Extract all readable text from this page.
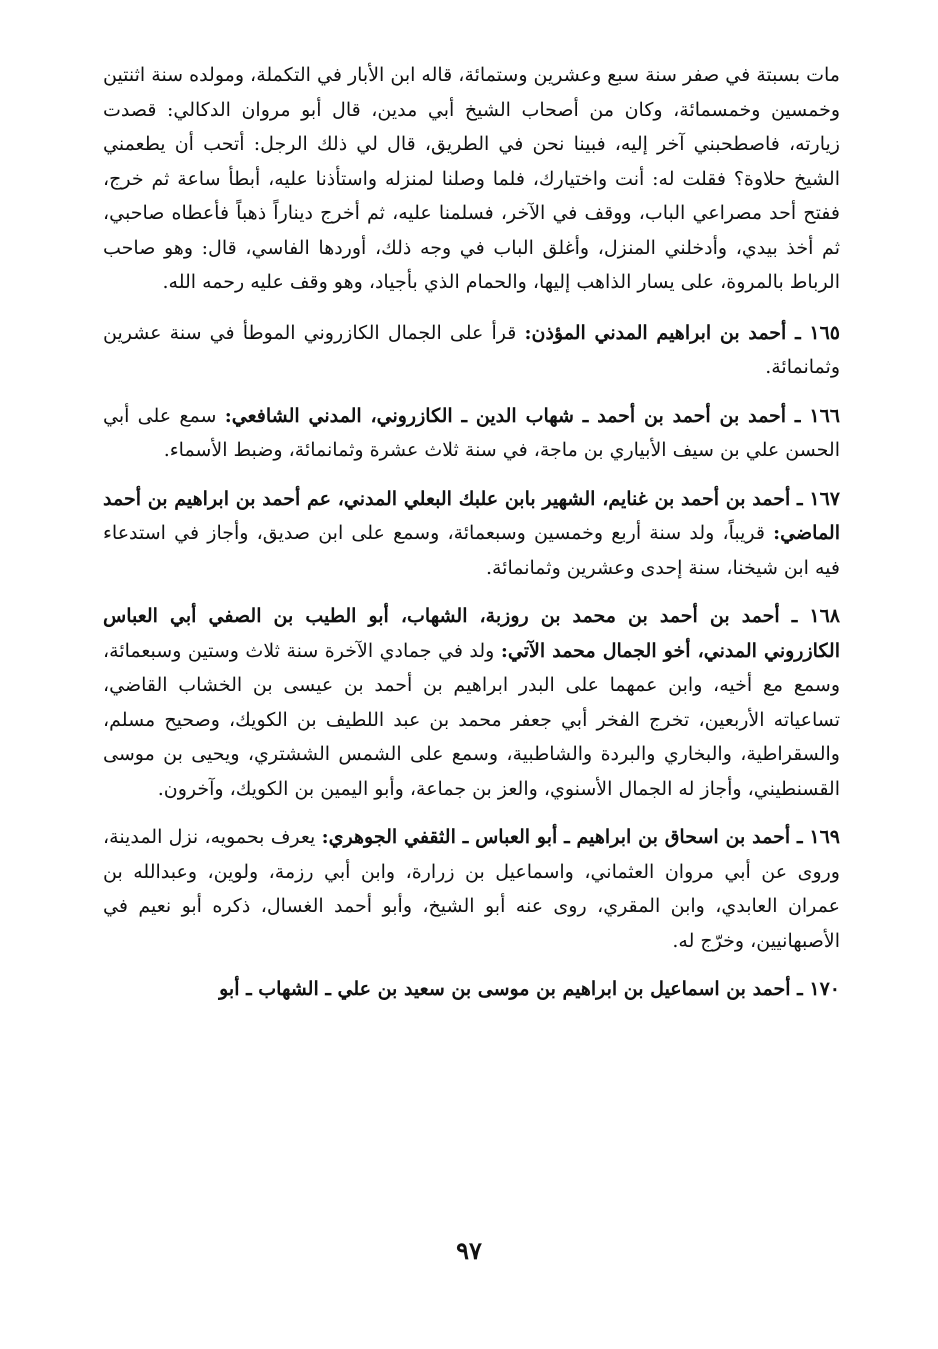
مات بسبتة في صفر سنة سبع وعشرين وستمائة، قاله ابن الأبار في التكملة، ومولده سنة اثنتين وخمسين وخمسمائة، وكان من أصحاب الشيخ أبي مدين، قال أبو مروان الدكالي: قصدت زيارته، فاصطحبني آخر إليه، فبينا نحن في الطريق، قال لي ذلك الرجل: أتحب أن يطعمني الشيخ حلاوة؟ فقلت له: أنت واختيارك، فلما وصلنا لمنزله واستأذنا عليه، أبطأ ساعة ثم خرج، ففتح أحد مصراعي الباب، ووقف في الآخر، فسلمنا عليه، ثم أخرج ديناراً ذهباً فأعطاه صاحبي، ثم أخذ بيدي، وأدخلني المنزل، وأغلق الباب في وجه ذلك، أوردها الفاسي، قال: وهو صاحب الرباط بالمروة، على يسار الذاهب إليها، والحمام الذي بأجياد، وهو وقف عليه رحمه الله.

١٦٥ ـ أحمد بن ابراهيم المدني المؤذن: قرأ على الجمال الكازروني الموطأ في سنة عشرين وثمانمائة.

١٦٦ ـ أحمد بن أحمد بن أحمد ـ شهاب الدين ـ الكازروني، المدني الشافعي: سمع على أبي الحسن علي بن سيف الأبياري بن ماجة، في سنة ثلاث عشرة وثمانمائة، وضبط الأسماء.

١٦٧ ـ أحمد بن أحمد بن غنايم، الشهير بابن علبك البعلي المدني، عم أحمد بن ابراهيم بن أحمد الماضي: قريباً، ولد سنة أربع وخمسين وسبعمائة، وسمع على ابن صديق، وأجاز في استدعاء فيه ابن شيخنا، سنة إحدى وعشرين وثمانمائة.

١٦٨ ـ أحمد بن أحمد بن محمد بن روزبة، الشهاب، أبو الطيب بن الصفي أبي العباس الكازروني المدني، أخو الجمال محمد الآتي: ولد في جمادي الآخرة سنة ثلاث وستين وسبعمائة، وسمع مع أخيه، وابن عمهما على البدر ابراهيم بن أحمد بن عيسى بن الخشاب القاضي، تساعياته الأربعين، تخرج الفخر أبي جعفر محمد بن عبد اللطيف بن الكويك، وصحيح مسلم، والسقراطية، والبخاري والبردة والشاطبية، وسمع على الشمس الششتري، ويحيى بن موسى القسنطيني، وأجاز له الجمال الأسنوي، والعز بن جماعة، وأبو اليمين بن الكويك، وآخرون.

١٦٩ ـ أحمد بن اسحاق بن ابراهيم ـ أبو العباس ـ الثقفي الجوهري: يعرف بحمويه، نزل المدينة، وروى عن أبي مروان العثماني، واسماعيل بن زرارة، وابن أبي رزمة، ولوين، وعبدالله بن عمران العابدي، وابن المقري، روى عنه أبو الشيخ، وأبو أحمد الغسال، ذكره أبو نعيم في الأصبهانيين، وخرّج له.

١٧٠ ـ أحمد بن اسماعيل بن ابراهيم بن موسى بن سعيد بن علي ـ الشهاب ـ أبو

٩٧
